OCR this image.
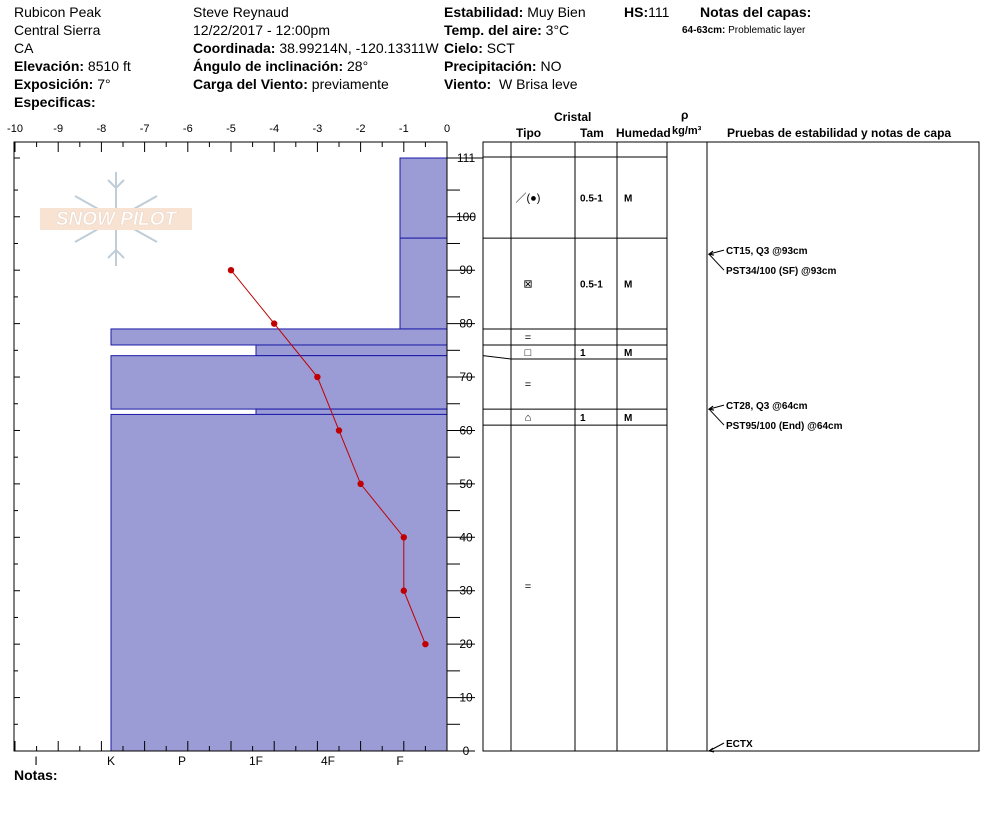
Rubicon Peak
Central Sierra
CA
Elevación: 8510 ft
Exposición: 7°
Especificas:
Steve Reynaud
12/22/2017 - 12:00pm
Coordinada: 38.99214N, -120.13311W
Ángulo de inclinación: 28°
Carga del Viento: previamente
Estabilidad: Muy Bien
Temp. del aire: 3°C
Cielo: SCT
Precipitación: NO
Viento: W Brisa leve
HS:111 Notas del capas:
64-63cm: Problematic layer
Cristal
Tipo	Tam Humedad
ρ
kg/m³ Pruebas de estabilidad y notas de capa
Notas:
SNOW PILOT
-10	-9	-8	-7	-6	-5	-4	-3	-2	-1	0
0
10
20
30
40
50
60
70
80
90
100
111
I	K	P	1F	4F	F
／(●)	0.5-1 M
⊠	0.5-1 M
=
□	1	M
=
⌂	1	M
=
CT15, Q3 @93cm
PST34/100 (SF) @93cm
CT28, Q3 @64cm
PST95/100 (End) @64cm
ECTX
